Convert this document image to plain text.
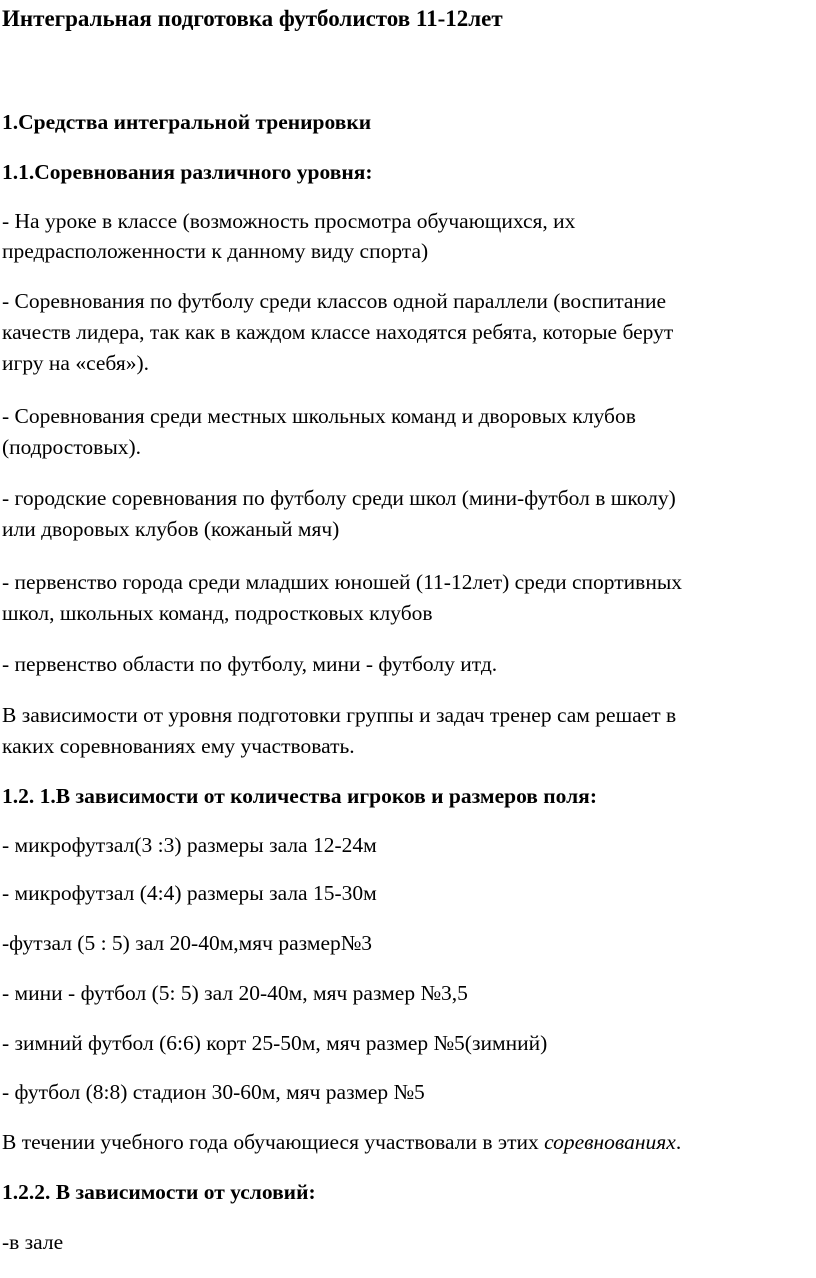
Интегральная подготовка футболистов 11-12лет
1.Средства интегральной тренировки
1.1.Соревнования различного уровня:
- На уроке в классе (возможность просмотра обучающихся, их
предрасположенности к данному виду спорта)
- Соревнования по футболу среди классов одной параллели (воспитание
качеств лидера, так как в каждом классе находятся ребята, которые берут
игру на «себя»).
- Соревнования среди местных школьных команд и дворовых клубов
(подростовых).
- городские соревнования по футболу среди школ (мини-футбол в школу)
или дворовых клубов (кожаный мяч)
- первенство города среди младших юношей (11-12лет) среди спортивных
школ, школьных команд, подростковых клубов
- первенство области по футболу, мини - футболу итд.
В зависимости от уровня подготовки группы и задач тренер сам решает в
каких соревнованиях ему участвовать.
1.2. 1.В зависимости от количества игроков и размеров поля:
- микрофутзал(3 :3) размеры зала 12-24м
- микрофутзал (4:4) размеры зала 15-30м
-футзал (5 : 5) зал 20-40м,мяч размер№3
- мини - футбол (5: 5) зал 20-40м, мяч размер №3,5
- зимний футбол (6:6) корт 25-50м, мяч размер №5(зимний)
- футбол (8:8) стадион 30-60м, мяч размер №5
В течении учебного года обучающиеся участвовали в этих соревнованиях.
1.2.2. В зависимости от условий:
-в зале
